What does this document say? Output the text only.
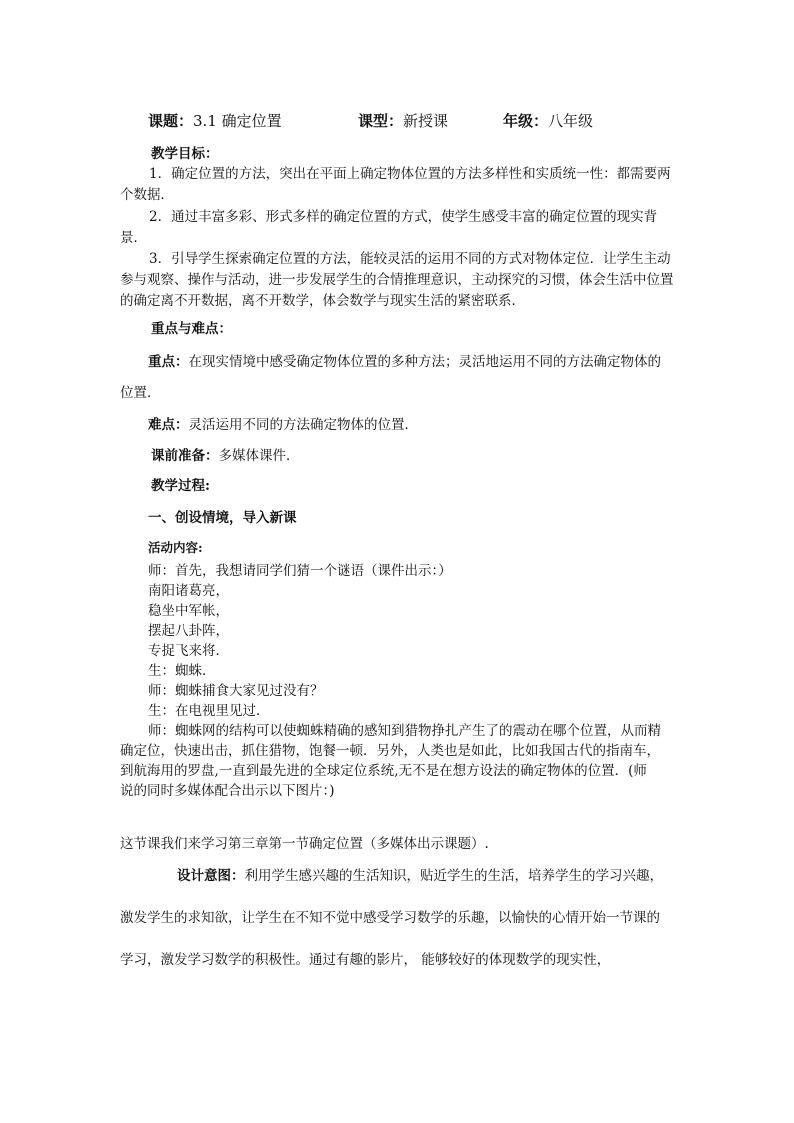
课题：3.1 确定位置	课型：新授课	年级：八年级
教学目标：
1．确定位置的方法，突出在平面上确定物体位置的方法多样性和实质统一性：都需要两个数据．
2．通过丰富多彩、形式多样的确定位置的方式，使学生感受丰富的确定位置的现实背景．
3．引导学生探索确定位置的方法，能较灵活的运用不同的方式对物体定位．让学生主动参与观察、操作与活动，进一步发展学生的合情推理意识，主动探究的习惯，体会生活中位置的确定离不开数据，离不开数学，体会数学与现实生活的紧密联系．
重点与难点：
重点：在现实情境中感受确定物体位置的多种方法；灵活地运用不同的方法确定物体的
位置．
难点：灵活运用不同的方法确定物体的位置．
课前准备：多媒体课件．
教学过程:
一、创设情境，导入新课
活动内容:
师：首先，我想请同学们猜一个谜语（课件出示：）
南阳诸葛亮，
稳坐中军帐，
摆起八卦阵，
专捉飞来将．
生：蜘蛛．
师：蜘蛛捕食大家见过没有？
生：在电视里见过．
师：蜘蛛网的结构可以使蜘蛛精确的感知到猎物挣扎产生了的震动在哪个位置，从而精
确定位，快速出击，抓住猎物，饱餐一顿．另外，人类也是如此，比如我国古代的指南车，
到航海用的罗盘,一直到最先进的全球定位系统,无不是在想方设法的确定物体的位置．(师
说的同时多媒体配合出示以下图片：)
这节课我们来学习第三章第一节确定位置（多媒体出示课题）.
设计意图：利用学生感兴趣的生活知识，贴近学生的生活，培养学生的学习兴趣，
激发学生的求知欲，让学生在不知不觉中感受学习数学的乐趣，以愉快的心情开始一节课的
学习，激发学习数学的积极性。通过有趣的影片， 能够较好的体现数学的现实性，
